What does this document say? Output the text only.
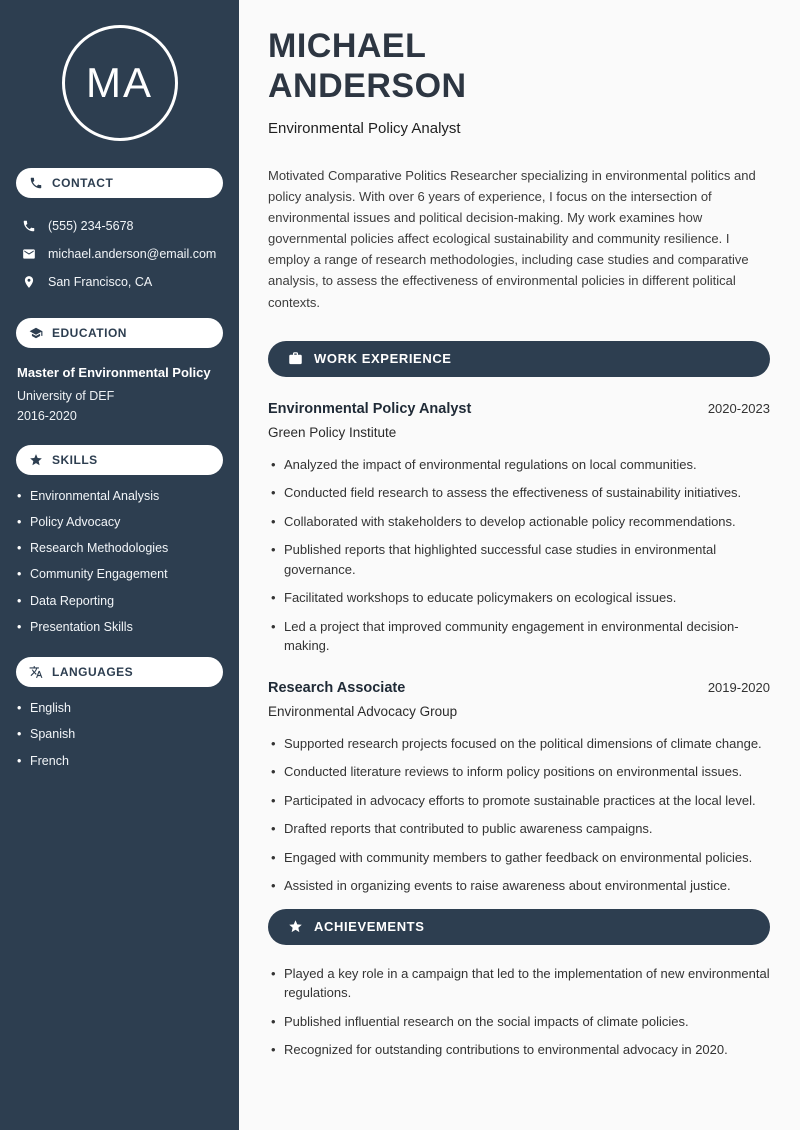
MA
CONTACT
(555) 234-5678
michael.anderson@email.com
San Francisco, CA
EDUCATION
Master of Environmental Policy
University of DEF
2016-2020
SKILLS
• Environmental Analysis
• Policy Advocacy
• Research Methodologies
• Community Engagement
• Data Reporting
• Presentation Skills
LANGUAGES
• English
• Spanish
• French
MICHAEL
ANDERSON
Environmental Policy Analyst

Motivated Comparative Politics Researcher specializing in environmental politics and policy analysis. With over 6 years of experience, I focus on the intersection of environmental issues and political decision-making. My work examines how governmental policies affect ecological sustainability and community resilience. I employ a range of research methodologies, including case studies and comparative analysis, to assess the effectiveness of environmental policies in different political contexts.

WORK EXPERIENCE
Environmental Policy Analyst	2020-2023
Green Policy Institute
• Analyzed the impact of environmental regulations on local communities.
• Conducted field research to assess the effectiveness of sustainability initiatives.
• Collaborated with stakeholders to develop actionable policy recommendations.
• Published reports that highlighted successful case studies in environmental governance.
• Facilitated workshops to educate policymakers on ecological issues.
• Led a project that improved community engagement in environmental decision-making.
Research Associate	2019-2020
Environmental Advocacy Group
• Supported research projects focused on the political dimensions of climate change.
• Conducted literature reviews to inform policy positions on environmental issues.
• Participated in advocacy efforts to promote sustainable practices at the local level.
• Drafted reports that contributed to public awareness campaigns.
• Engaged with community members to gather feedback on environmental policies.
• Assisted in organizing events to raise awareness about environmental justice.
ACHIEVEMENTS
• Played a key role in a campaign that led to the implementation of new environmental regulations.
• Published influential research on the social impacts of climate policies.
• Recognized for outstanding contributions to environmental advocacy in 2020.
